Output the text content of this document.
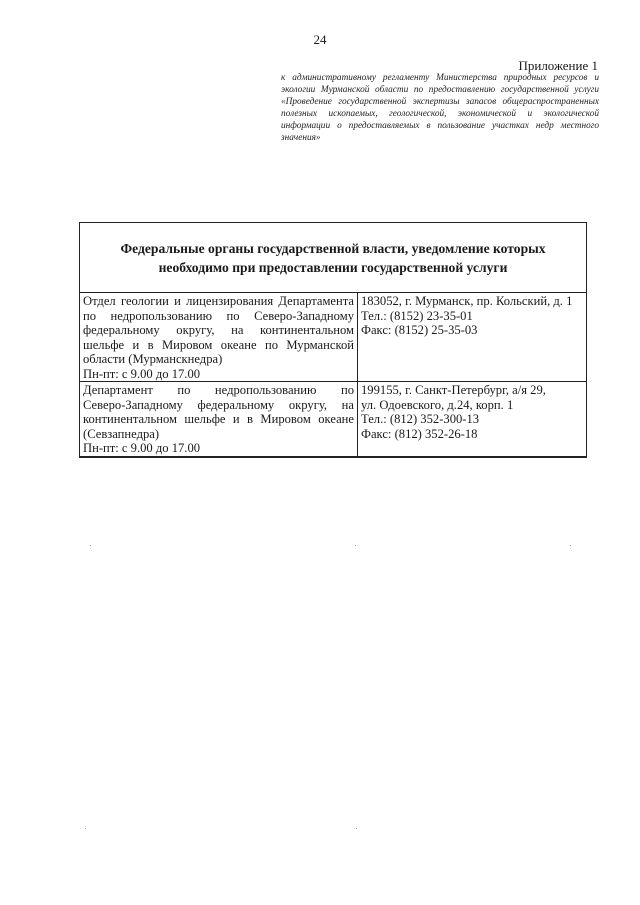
24
Приложение 1
к административному регламенту Министерства природных ресурсов и экологии Мурманской области по предоставлению государственной услуги «Проведение государственной экспертизы запасов общераспространенных полезных ископаемых, геологической, экономической и экологической информации о предоставляемых в пользование участках недр местного значения»
Федеральные органы государственной власти, уведомление которых
необходимо при предоставлении государственной услуги
Отдел геологии и лицензирования Департамента
по недропользованию по Северо-Западному
федеральному округу, на континентальном
шельфе и в Мировом океане по Мурманской
области (Мурманскнедра)
Пн-пт: с 9.00 до 17.00
183052, г. Мурманск, пр. Кольский, д. 1
Тел.: (8152) 23-35-01
Факс: (8152) 25-35-03
Департамент по недропользованию по
Северо-Западному федеральному округу, на
континентальном шельфе и в Мировом океане
(Севзапнедра)
Пн-пт: с 9.00 до 17.00
199155, г. Санкт-Петербург, а/я 29,
ул. Одоевского, д.24, корп. 1
Тел.: (812) 352-300-13
Факс: (812) 352-26-18
